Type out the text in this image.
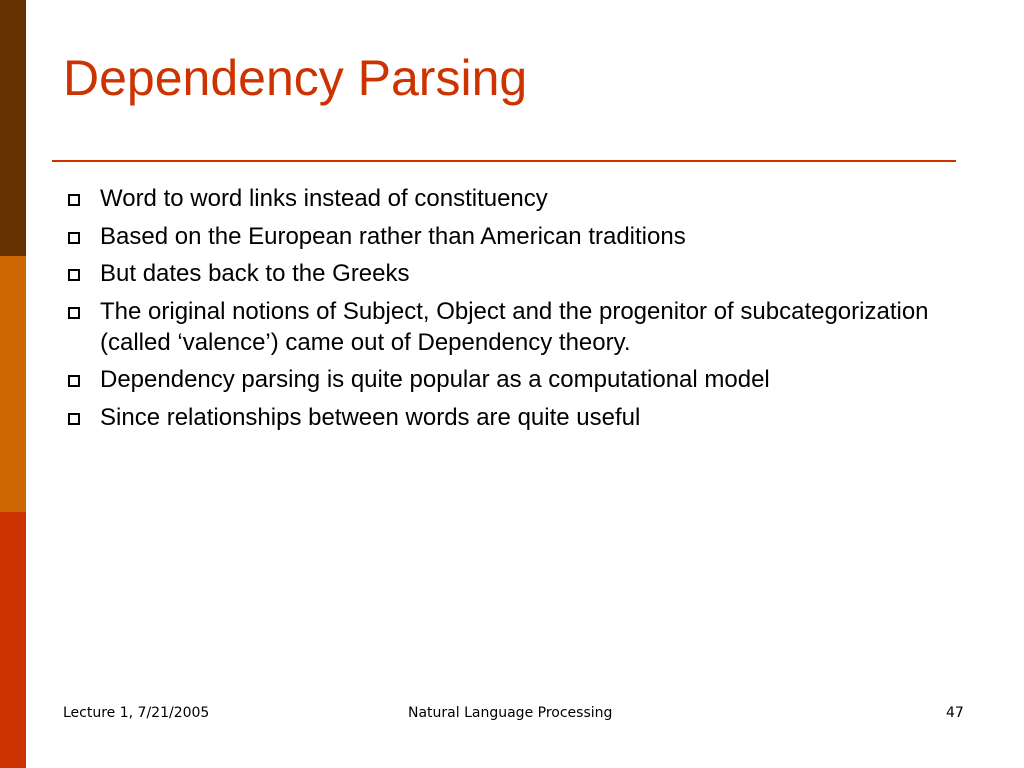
Dependency Parsing
Word to word links instead of constituency
Based on the European rather than American traditions
But dates back to the Greeks
The original notions of Subject, Object and the progenitor of subcategorization (called ‘valence’) came out of Dependency theory.
Dependency parsing is quite popular as a computational model
Since relationships between words are quite useful
Lecture 1, 7/21/2005	Natural Language Processing	47
